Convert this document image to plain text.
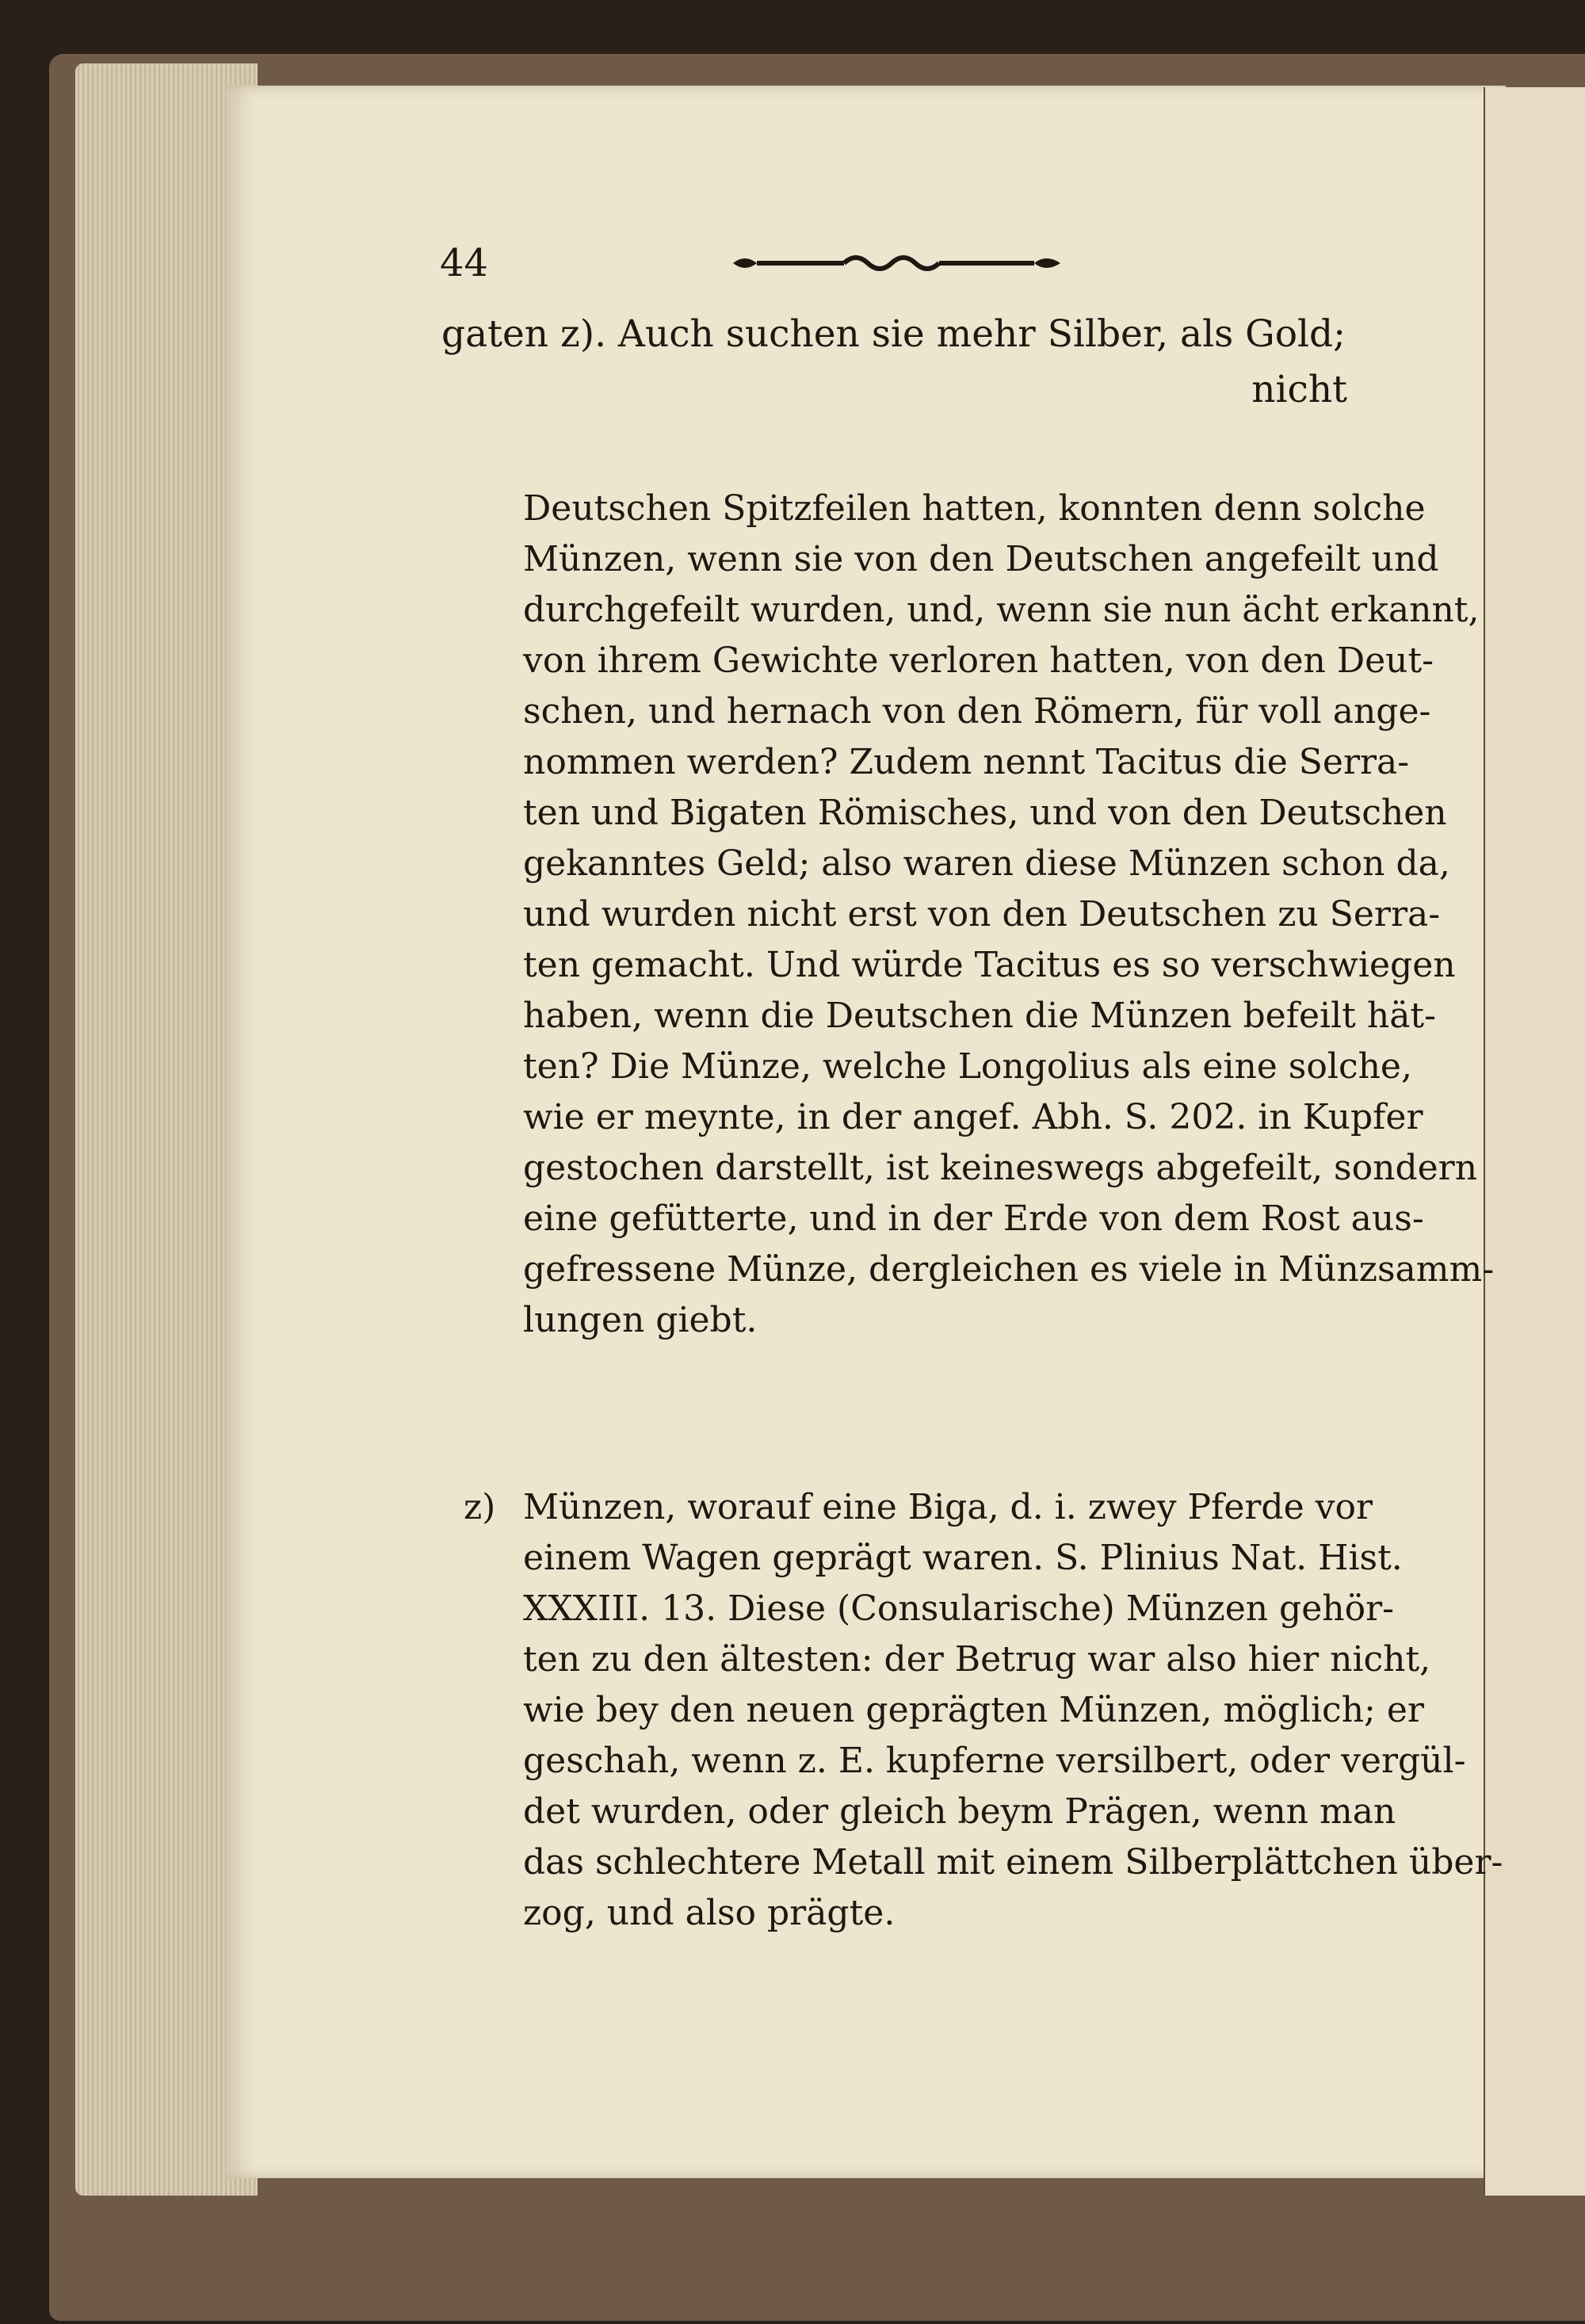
44
gaten z). Auch suchen sie mehr Silber, als Gold;
nicht
Deutschen Spitzfeilen hatten, konnten denn solche
Münzen, wenn sie von den Deutschen angefeilt und
durchgefeilt wurden, und, wenn sie nun ächt erkannt,
von ihrem Gewichte verloren hatten, von den Deut-
schen, und hernach von den Römern, für voll ange-
nommen werden? Zudem nennt Tacitus die Serra-
ten und Bigaten Römisches, und von den Deutschen
gekanntes Geld; also waren diese Münzen schon da,
und wurden nicht erst von den Deutschen zu Serra-
ten gemacht. Und würde Tacitus es so verschwiegen
haben, wenn die Deutschen die Münzen befeilt hät-
ten? Die Münze, welche Longolius als eine solche,
wie er meynte, in der angef. Abh. S. 202. in Kupfer
gestochen darstellt, ist keineswegs abgefeilt, sondern
eine gefütterte, und in der Erde von dem Rost aus-
gefressene Münze, dergleichen es viele in Münzsamm-
lungen giebt.
z) Münzen, worauf eine Biga, d. i. zwey Pferde vor
einem Wagen geprägt waren. S. Plinius Nat. Hist.
XXXIII. 13. Diese (Consularische) Münzen gehör-
ten zu den ältesten: der Betrug war also hier nicht,
wie bey den neuen geprägten Münzen, möglich; er
geschah, wenn z. E. kupferne versilbert, oder vergül-
det wurden, oder gleich beym Prägen, wenn man
das schlechtere Metall mit einem Silberplättchen über-
zog, und also prägte.
